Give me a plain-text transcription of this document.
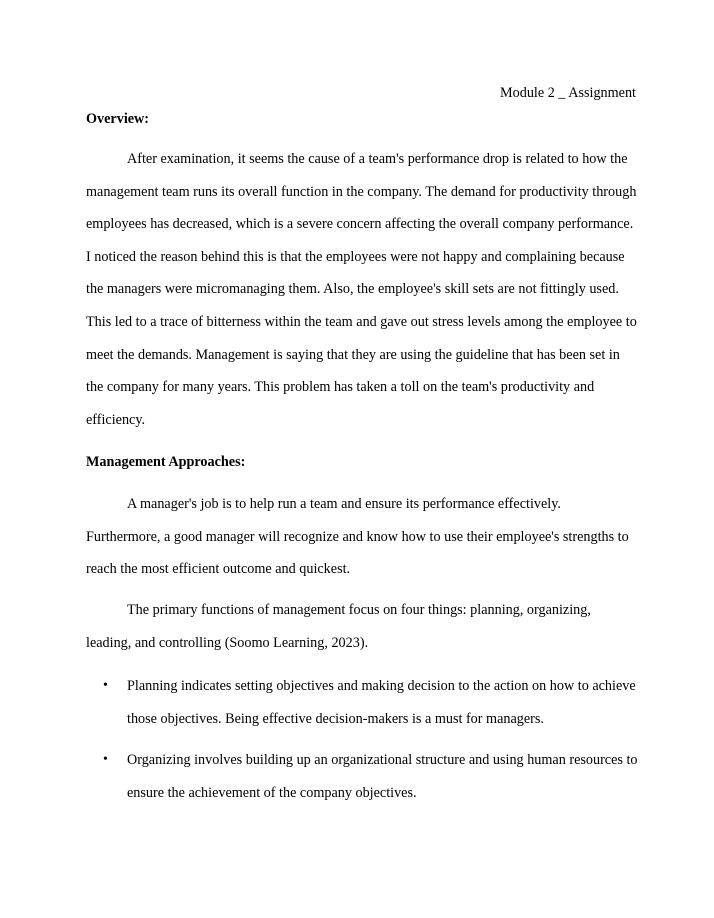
Module 2 _ Assignment
Overview:
After examination, it seems the cause of a team's performance drop is related to how the
management team runs its overall function in the company. The demand for productivity through
employees has decreased, which is a severe concern affecting the overall company performance.
I noticed the reason behind this is that the employees were not happy and complaining because
the managers were micromanaging them. Also, the employee's skill sets are not fittingly used.
This led to a trace of bitterness within the team and gave out stress levels among the employee to
meet the demands. Management is saying that they are using the guideline that has been set in
the company for many years. This problem has taken a toll on the team's productivity and
efficiency.
Management Approaches:
A manager's job is to help run a team and ensure its performance effectively.
Furthermore, a good manager will recognize and know how to use their employee's strengths to
reach the most efficient outcome and quickest.
The primary functions of management focus on four things: planning, organizing,
leading, and controlling (Soomo Learning, 2023).
• Planning indicates setting objectives and making decision to the action on how to achieve
those objectives. Being effective decision-makers is a must for managers.
• Organizing involves building up an organizational structure and using human resources to
ensure the achievement of the company objectives.
